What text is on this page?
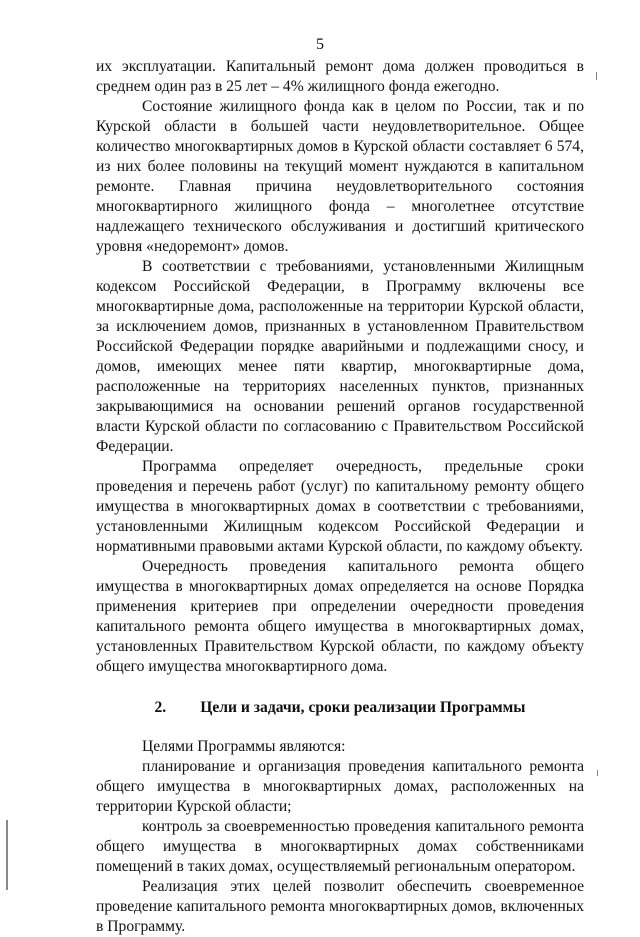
5

их эксплуатации. Капитальный ремонт дома должен проводиться в среднем один раз в 25 лет – 4% жилищного фонда ежегодно.

Состояние жилищного фонда как в целом по России, так и по Курской области в большей части неудовлетворительное. Общее количество многоквартирных домов в Курской области составляет 6 574, из них более половины на текущий момент нуждаются в капитальном ремонте. Главная причина неудовлетворительного состояния многоквартирного жилищного фонда – многолетнее отсутствие надлежащего технического обслуживания и достигший критического уровня «недоремонт» домов.

В соответствии с требованиями, установленными Жилищным кодексом Российской Федерации, в Программу включены все многоквартирные дома, расположенные на территории Курской области, за исключением домов, признанных в установленном Правительством Российской Федерации порядке аварийными и подлежащими сносу, и домов, имеющих менее пяти квартир, многоквартирные дома, расположенные на территориях населенных пунктов, признанных закрывающимися на основании решений органов государственной власти Курской области по согласованию с Правительством Российской Федерации.

Программа определяет очередность, предельные сроки проведения и перечень работ (услуг) по капитальному ремонту общего имущества в многоквартирных домах в соответствии с требованиями, установленными Жилищным кодексом Российской Федерации и нормативными правовыми актами Курской области, по каждому объекту.

Очередность проведения капитального ремонта общего имущества в многоквартирных домах определяется на основе Порядка применения критериев при определении очередности проведения капитального ремонта общего имущества в многоквартирных домах, установленных Правительством Курской области, по каждому объекту общего имущества многоквартирного дома.

2. Цели и задачи, сроки реализации Программы

Целями Программы являются:

планирование и организация проведения капитального ремонта общего имущества в многоквартирных домах, расположенных на территории Курской области;

контроль за своевременностью проведения капитального ремонта общего имущества в многоквартирных домах собственниками помещений в таких домах, осуществляемый региональным оператором.

Реализация этих целей позволит обеспечить своевременное проведение капитального ремонта многоквартирных домов, включенных в Программу.
